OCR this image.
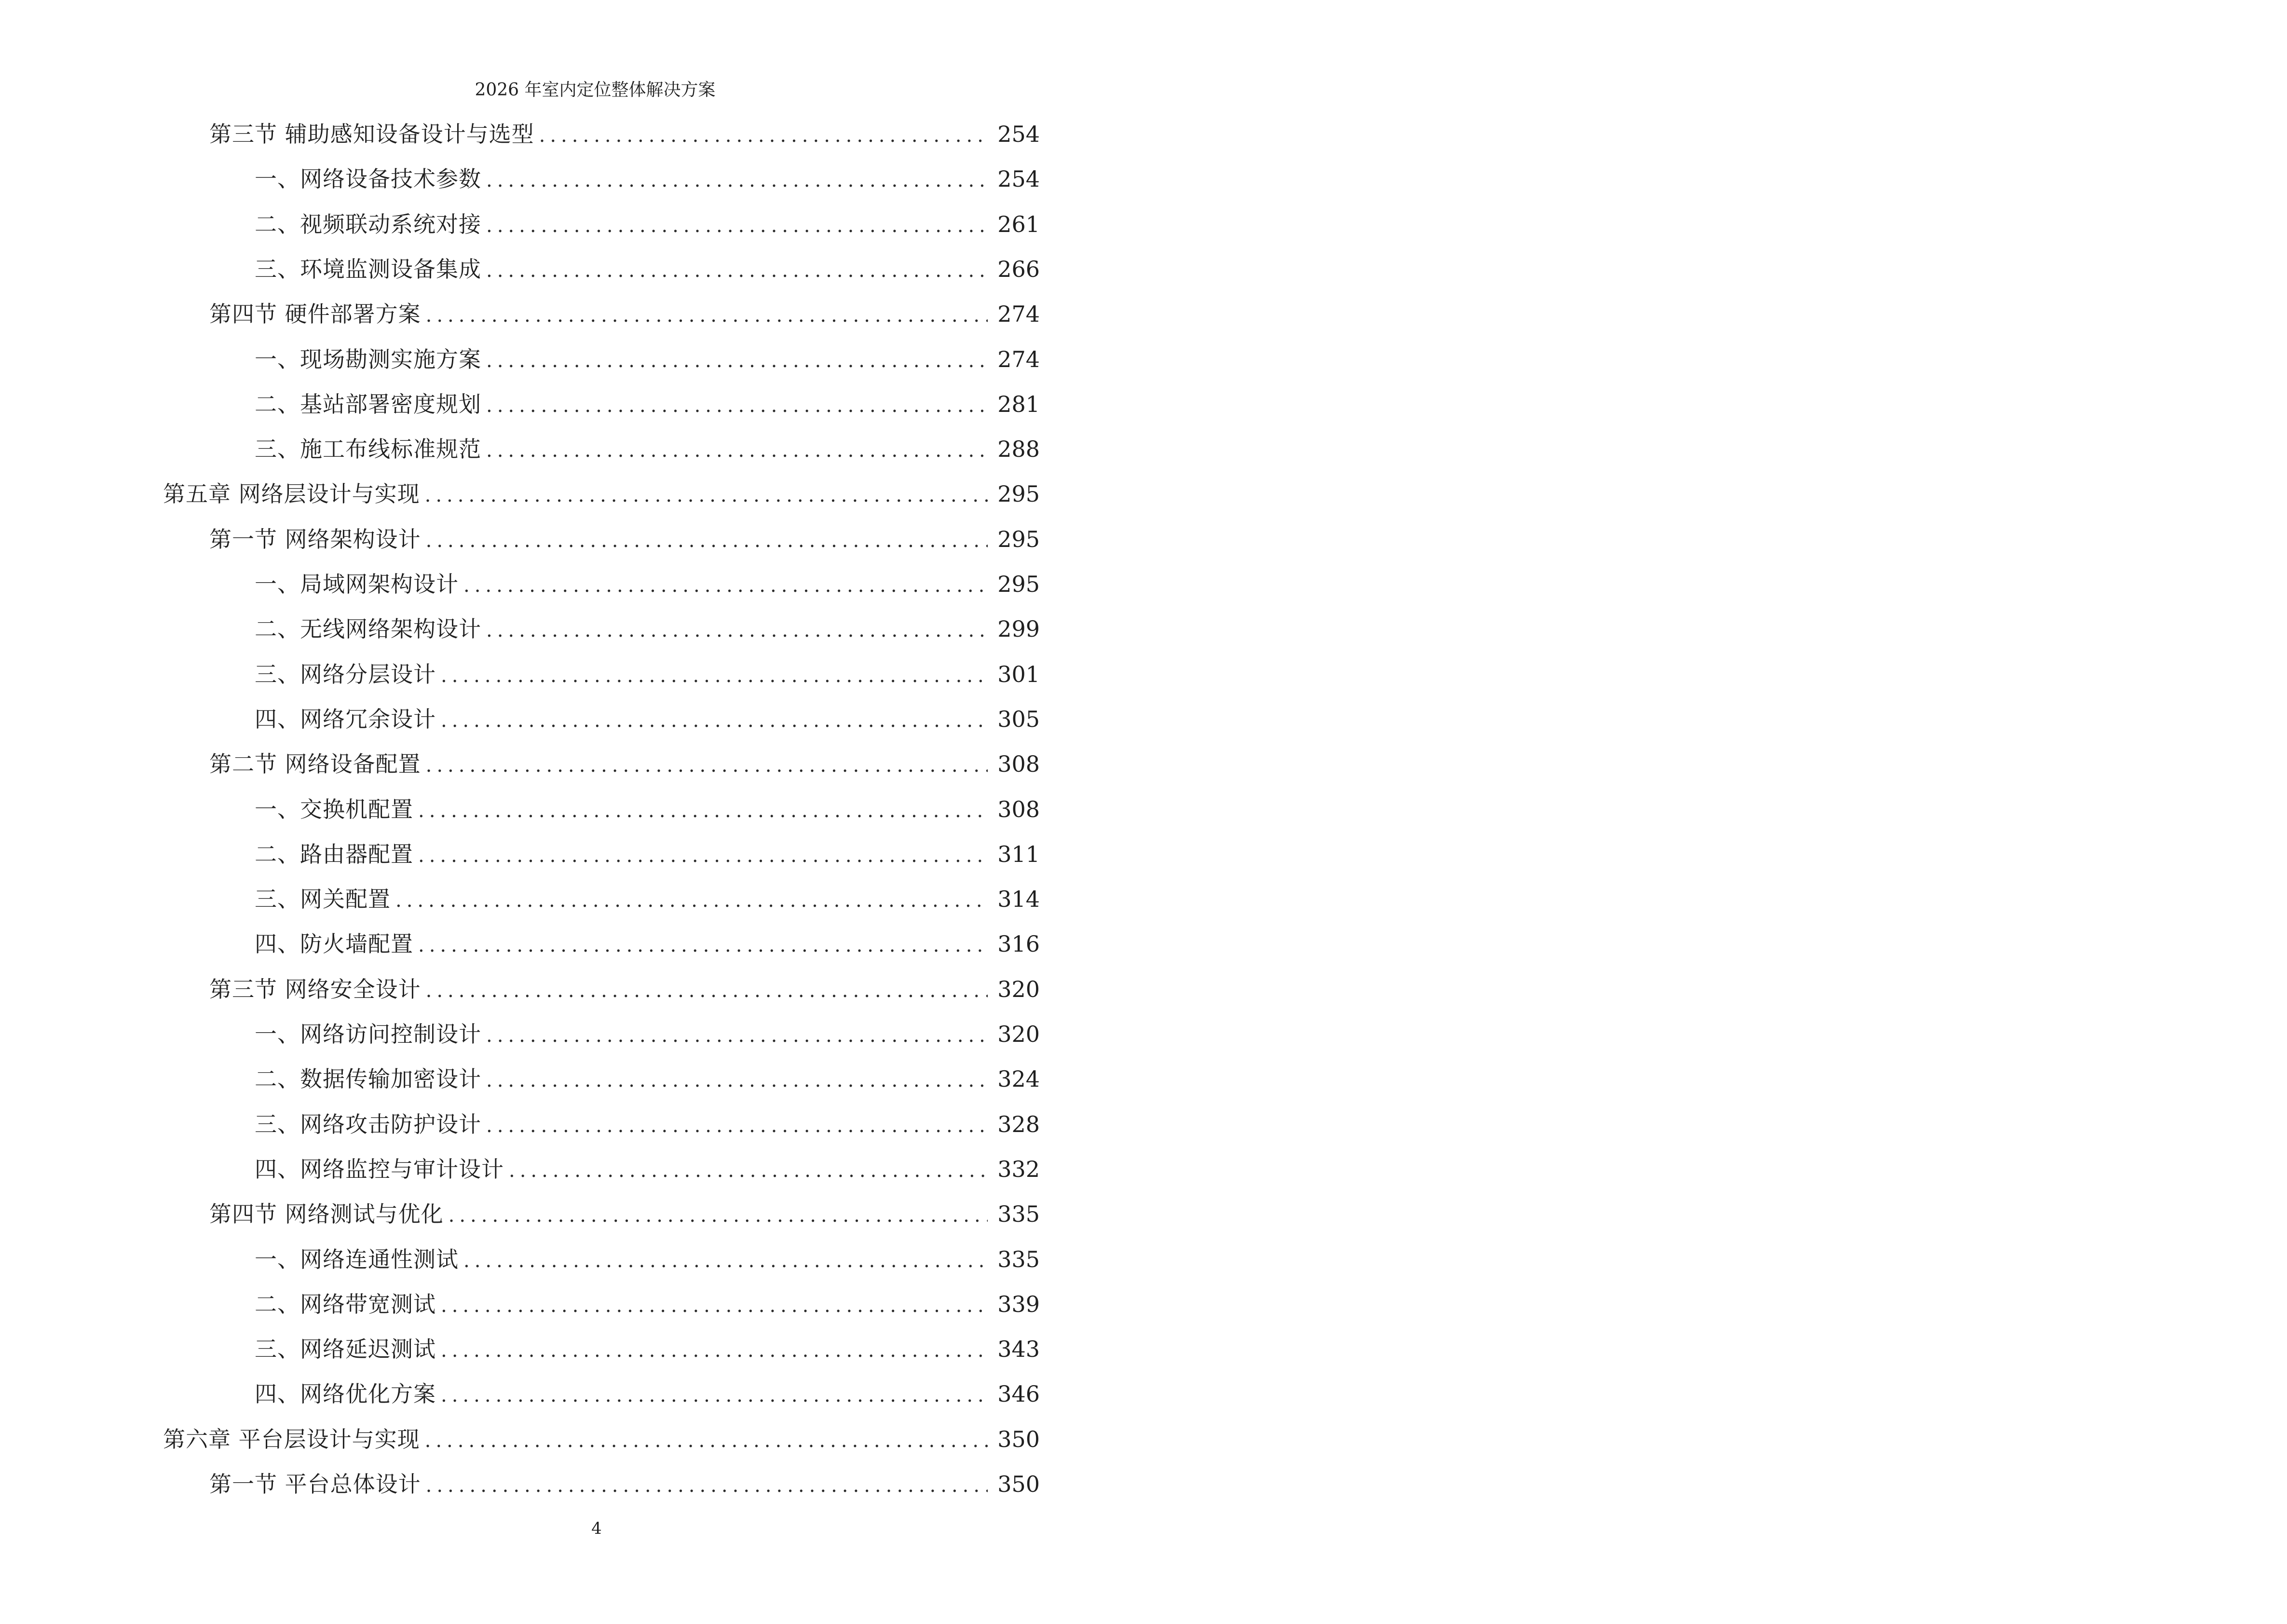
2026 年室内定位整体解决方案
第三节 辅助感知设备设计与选型 .....	254
一、网络设备技术参数 .....	254
二、视频联动系统对接 .....	261
三、环境监测设备集成 .....	266
第四节 硬件部署方案 .....	274
一、现场勘测实施方案 .....	274
二、基站部署密度规划 .....	281
三、施工布线标准规范 .....	288
第五章 网络层设计与实现 .....	295
第一节 网络架构设计 .....	295
一、局域网架构设计 .....	295
二、无线网络架构设计 .....	299
三、网络分层设计 .....	301
四、网络冗余设计 .....	305
第二节 网络设备配置 .....	308
一、交换机配置 .....	308
二、路由器配置 .....	311
三、网关配置 .....	314
四、防火墙配置 .....	316
第三节 网络安全设计 .....	320
一、网络访问控制设计 .....	320
二、数据传输加密设计 .....	324
三、网络攻击防护设计 .....	328
四、网络监控与审计设计 .....	332
第四节 网络测试与优化 .....	335
一、网络连通性测试 .....	335
二、网络带宽测试 .....	339
三、网络延迟测试 .....	343
四、网络优化方案 .....	346
第六章 平台层设计与实现 .....	350
第一节 平台总体设计 .....	350
4
